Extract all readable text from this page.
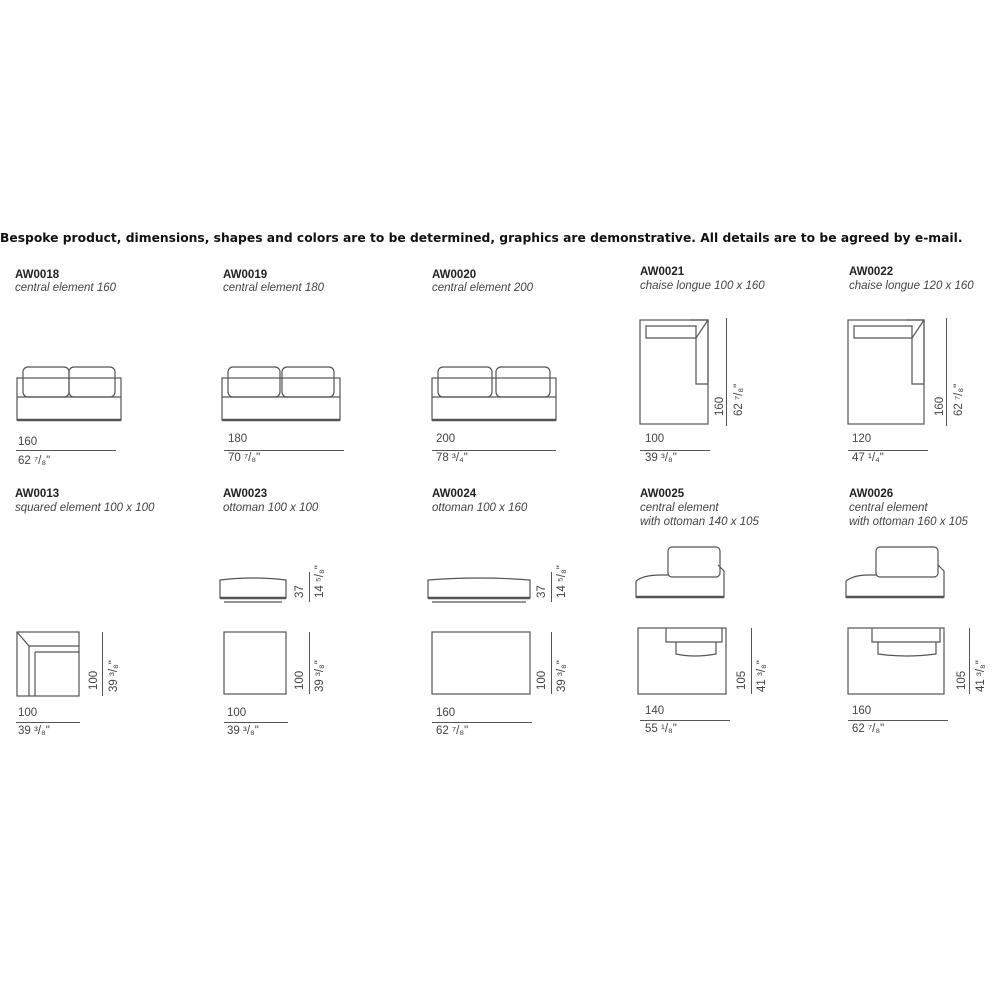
Bespoke product, dimensions, shapes and colors are to be determined, graphics are demonstrative. All details are to be agreed by e-mail.
AW0018
central element 160
160
62 ⁷/₈"
AW0019
central element 180
180
70 ⁷/₈"
AW0020
central element 200
200
78 ³/₄"
AW0021
chaise longue 100 x 160
160 62 ⁷/₈"
100
39 ³/₈"
AW0022
chaise longue 120 x 160
160 62 ⁷/₈"
120
47 ¹/₄"
AW0013
squared element 100 x 100
100 39 ³/₈"
100
39 ³/₈"
AW0023
ottoman 100 x 100
37 14 ⁵/₈"
100 39 ³/₈"
100
39 ³/₈"
AW0024
ottoman 100 x 160
37 14 ⁵/₈"
100 39 ³/₈"
160
62 ⁷/₈"
AW0025
central element
with ottoman 140 x 105
105 41 ³/₈"
140
55 ¹/₈"
AW0026
central element
with ottoman 160 x 105
105 41 ³/₈"
160
62 ⁷/₈"
